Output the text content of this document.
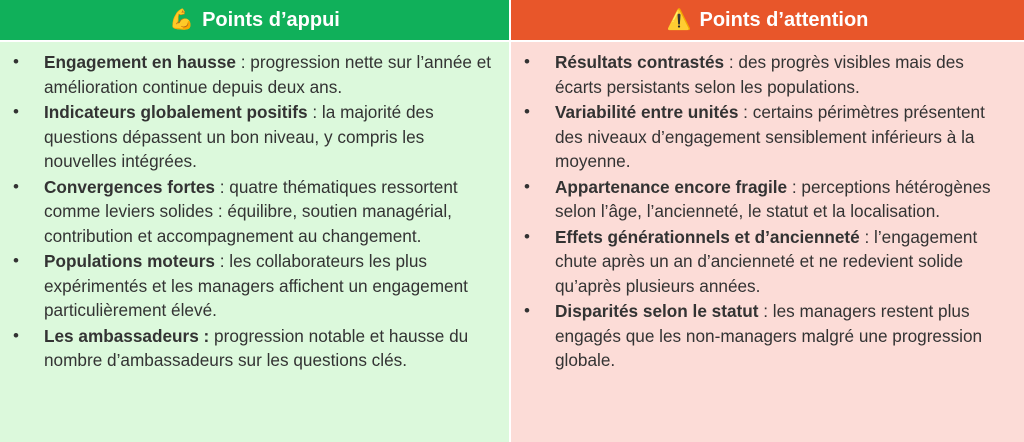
💪 Points d’appui	⚠️ Points d’attention
• Engagement en hausse : progression nette sur l’année et amélioration continue depuis deux ans.
• Indicateurs globalement positifs : la majorité des questions dépassent un bon niveau, y compris les nouvelles intégrées.
• Convergences fortes : quatre thématiques ressortent comme leviers solides : équilibre, soutien managérial, contribution et accompagnement au changement.
• Populations moteurs : les collaborateurs les plus expérimentés et les managers affichent un engagement particulièrement élevé.
• Les ambassadeurs : progression notable et hausse du nombre d’ambassadeurs sur les questions clés.
• Résultats contrastés : des progrès visibles mais des écarts persistants selon les populations.
• Variabilité entre unités : certains périmètres présentent des niveaux d’engagement sensiblement inférieurs à la moyenne.
• Appartenance encore fragile : perceptions hétérogènes selon l’âge, l’ancienneté, le statut et la localisation.
• Effets générationnels et d’ancienneté : l’engagement chute après un an d’ancienneté et ne redevient solide qu’après plusieurs années.
• Disparités selon le statut : les managers restent plus engagés que les non-managers malgré une progression globale.
